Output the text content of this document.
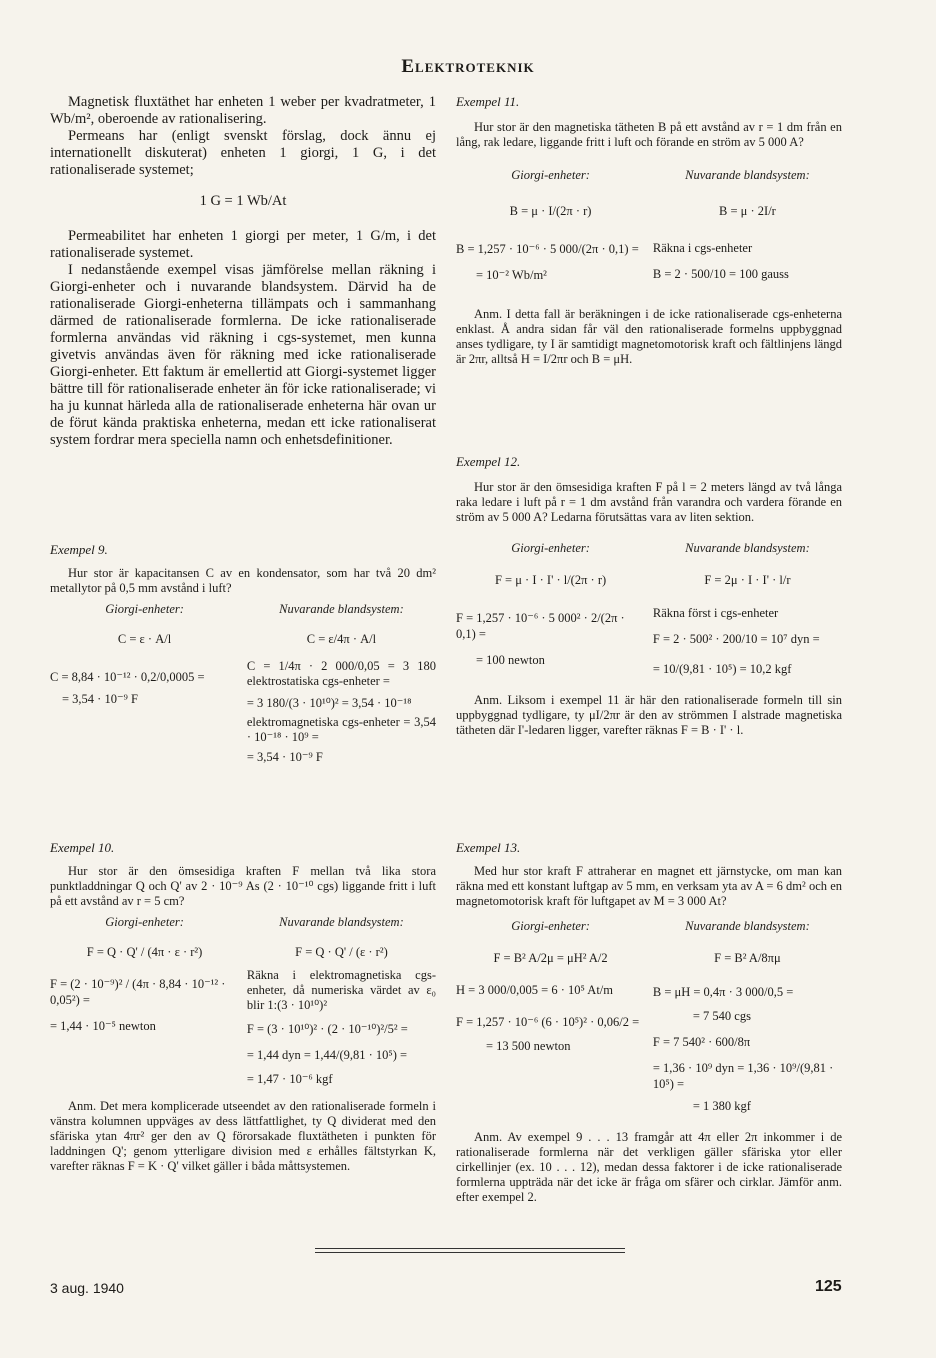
Elektroteknik

Magnetisk fluxtäthet har enheten 1 weber per kvadratmeter, 1 Wb/m², oberoende av rationalisering.

Permeans har (enligt svenskt förslag, dock ännu ej internationellt diskuterat) enheten 1 giorgi, 1 G, i det rationaliserade systemet;

1 G = 1 Wb/At

Permeabilitet har enheten 1 giorgi per meter, 1 G/m, i det rationaliserade systemet.

I nedanstående exempel visas jämförelse mellan räkning i Giorgi-enheter och i nuvarande blandsystem. Därvid ha de rationaliserade Giorgi-enheterna tillämpats och i sammanhang därmed de rationaliserade formlerna. De icke rationaliserade formlerna användas vid räkning i cgs-systemet, men kunna givetvis användas även för räkning med icke rationaliserade Giorgi-enheter. Ett faktum är emellertid att Giorgi-systemet ligger bättre till för rationaliserade enheter än för icke rationaliserade; vi ha ju kunnat härleda alla de rationaliserade enheterna här ovan ur de förut kända praktiska enheterna, medan ett icke rationaliserat system fordrar mera speciella namn och enhetsdefinitioner.

Exempel 9.

Hur stor är kapacitansen C av en kondensator, som har två 20 dm² metallytor på 0,5 mm avstånd i luft?

Giorgi-enheter:

C = ε · A/l

C = 8,84 · 10⁻¹² · 0,2/0,0005 =

= 3,54 · 10⁻⁹ F

Nuvarande blandsystem:

C = ε/4π · A/l

C = 1/4π · 2 000/0,05 = 3 180 elektrostatiska cgs-enheter =

= 3 180/(3 · 10¹⁰)² = 3,54 · 10⁻¹⁸

elektromagnetiska cgs-enheter = 3,54 · 10⁻¹⁸ · 10⁹ =

= 3,54 · 10⁻⁹ F

Exempel 10.

Hur stor är den ömsesidiga kraften F mellan två lika stora punktladdningar Q och Q' av 2 · 10⁻⁹ As (2 · 10⁻¹⁰ cgs) liggande fritt i luft på ett avstånd av r = 5 cm?

Giorgi-enheter:

F = Q · Q' / (4π · ε · r²)

F = (2 · 10⁻⁹)² / (4π · 8,84 · 10⁻¹² · 0,05²) =

= 1,44 · 10⁻⁵ newton

Nuvarande blandsystem:

F = Q · Q' / (ε · r²)

Räkna i elektromagnetiska cgs-enheter, då numeriska värdet av ε₀ blir 1:(3 · 10¹⁰)²

F = (3 · 10¹⁰)² · (2 · 10⁻¹⁰)²/5² =

= 1,44 dyn = 1,44/(9,81 · 10⁵) =

= 1,47 · 10⁻⁶ kgf

Anm. Det mera komplicerade utseendet av den rationaliserade formeln i vänstra kolumnen uppväges av dess lättfattlighet, ty Q dividerat med den sfäriska ytan 4πr² ger den av Q förorsakade fluxtätheten i punkten för laddningen Q'; genom ytterligare division med ε erhålles fältstyrkan K, varefter räknas F = K · Q' vilket gäller i båda måttsystemen.

Exempel 11.

Hur stor är den magnetiska tätheten B på ett avstånd av r = 1 dm från en lång, rak ledare, liggande fritt i luft och förande en ström av 5 000 A?

Giorgi-enheter:

B = μ · I/(2π · r)

B = 1,257 · 10⁻⁶ · 5 000/(2π · 0,1) =

= 10⁻² Wb/m²

Nuvarande blandsystem:

B = μ · 2I/r

Räkna i cgs-enheter

B = 2 · 500/10 = 100 gauss

Anm. I detta fall är beräkningen i de icke rationaliserade cgs-enheterna enklast. Å andra sidan får väl den rationaliserade formelns uppbyggnad anses tydligare, ty I är samtidigt magnetomotorisk kraft och fältlinjens längd är 2πr, alltså H = I/2πr och B = μH.

Exempel 12.

Hur stor är den ömsesidiga kraften F på l = 2 meters längd av två långa raka ledare i luft på r = 1 dm avstånd från varandra och vardera förande en ström av 5 000 A? Ledarna förutsättas vara av liten sektion.

Giorgi-enheter:

F = μ · I · I' · l/(2π · r)

F = 1,257 · 10⁻⁶ · 5 000² · 2/(2π · 0,1) =

= 100 newton

Nuvarande blandsystem:

F = 2μ · I · I' · l/r

Räkna först i cgs-enheter

F = 2 · 500² · 200/10 = 10⁷ dyn =

= 10/(9,81 · 10⁵) = 10,2 kgf

Anm. Liksom i exempel 11 är här den rationaliserade formeln till sin uppbyggnad tydligare, ty μI/2πr är den av strömmen I alstrade magnetiska tätheten där I'-ledaren ligger, varefter räknas F = B · I' · l.

Exempel 13.

Med hur stor kraft F attraherar en magnet ett järnstycke, om man kan räkna med ett konstant luftgap av 5 mm, en verksam yta av A = 6 dm² och en magnetomotorisk kraft för luftgapet av M = 3 000 At?

Giorgi-enheter:

F = B² A/2μ = μH² A/2

H = 3 000/0,005 = 6 · 10⁵ At/m

F = 1,257 · 10⁻⁶ (6 · 10⁵)² · 0,06/2 =

= 13 500 newton

Nuvarande blandsystem:

F = B² A/8πμ

B = μH = 0,4π · 3 000/0,5 =

= 7 540 cgs

F = 7 540² · 600/8π

= 1,36 · 10⁹ dyn = 1,36 · 10⁹/(9,81 · 10⁵) =

= 1 380 kgf

Anm. Av exempel 9 . . . 13 framgår att 4π eller 2π inkommer i de rationaliserade formlerna när det verkligen gäller sfäriska ytor eller cirkellinjer (ex. 10 . . . 12), medan dessa faktorer i de icke rationaliserade formlerna uppträda när det icke är fråga om sfärer och cirklar. Jämför anm. efter exempel 2.

3 aug. 1940	125
